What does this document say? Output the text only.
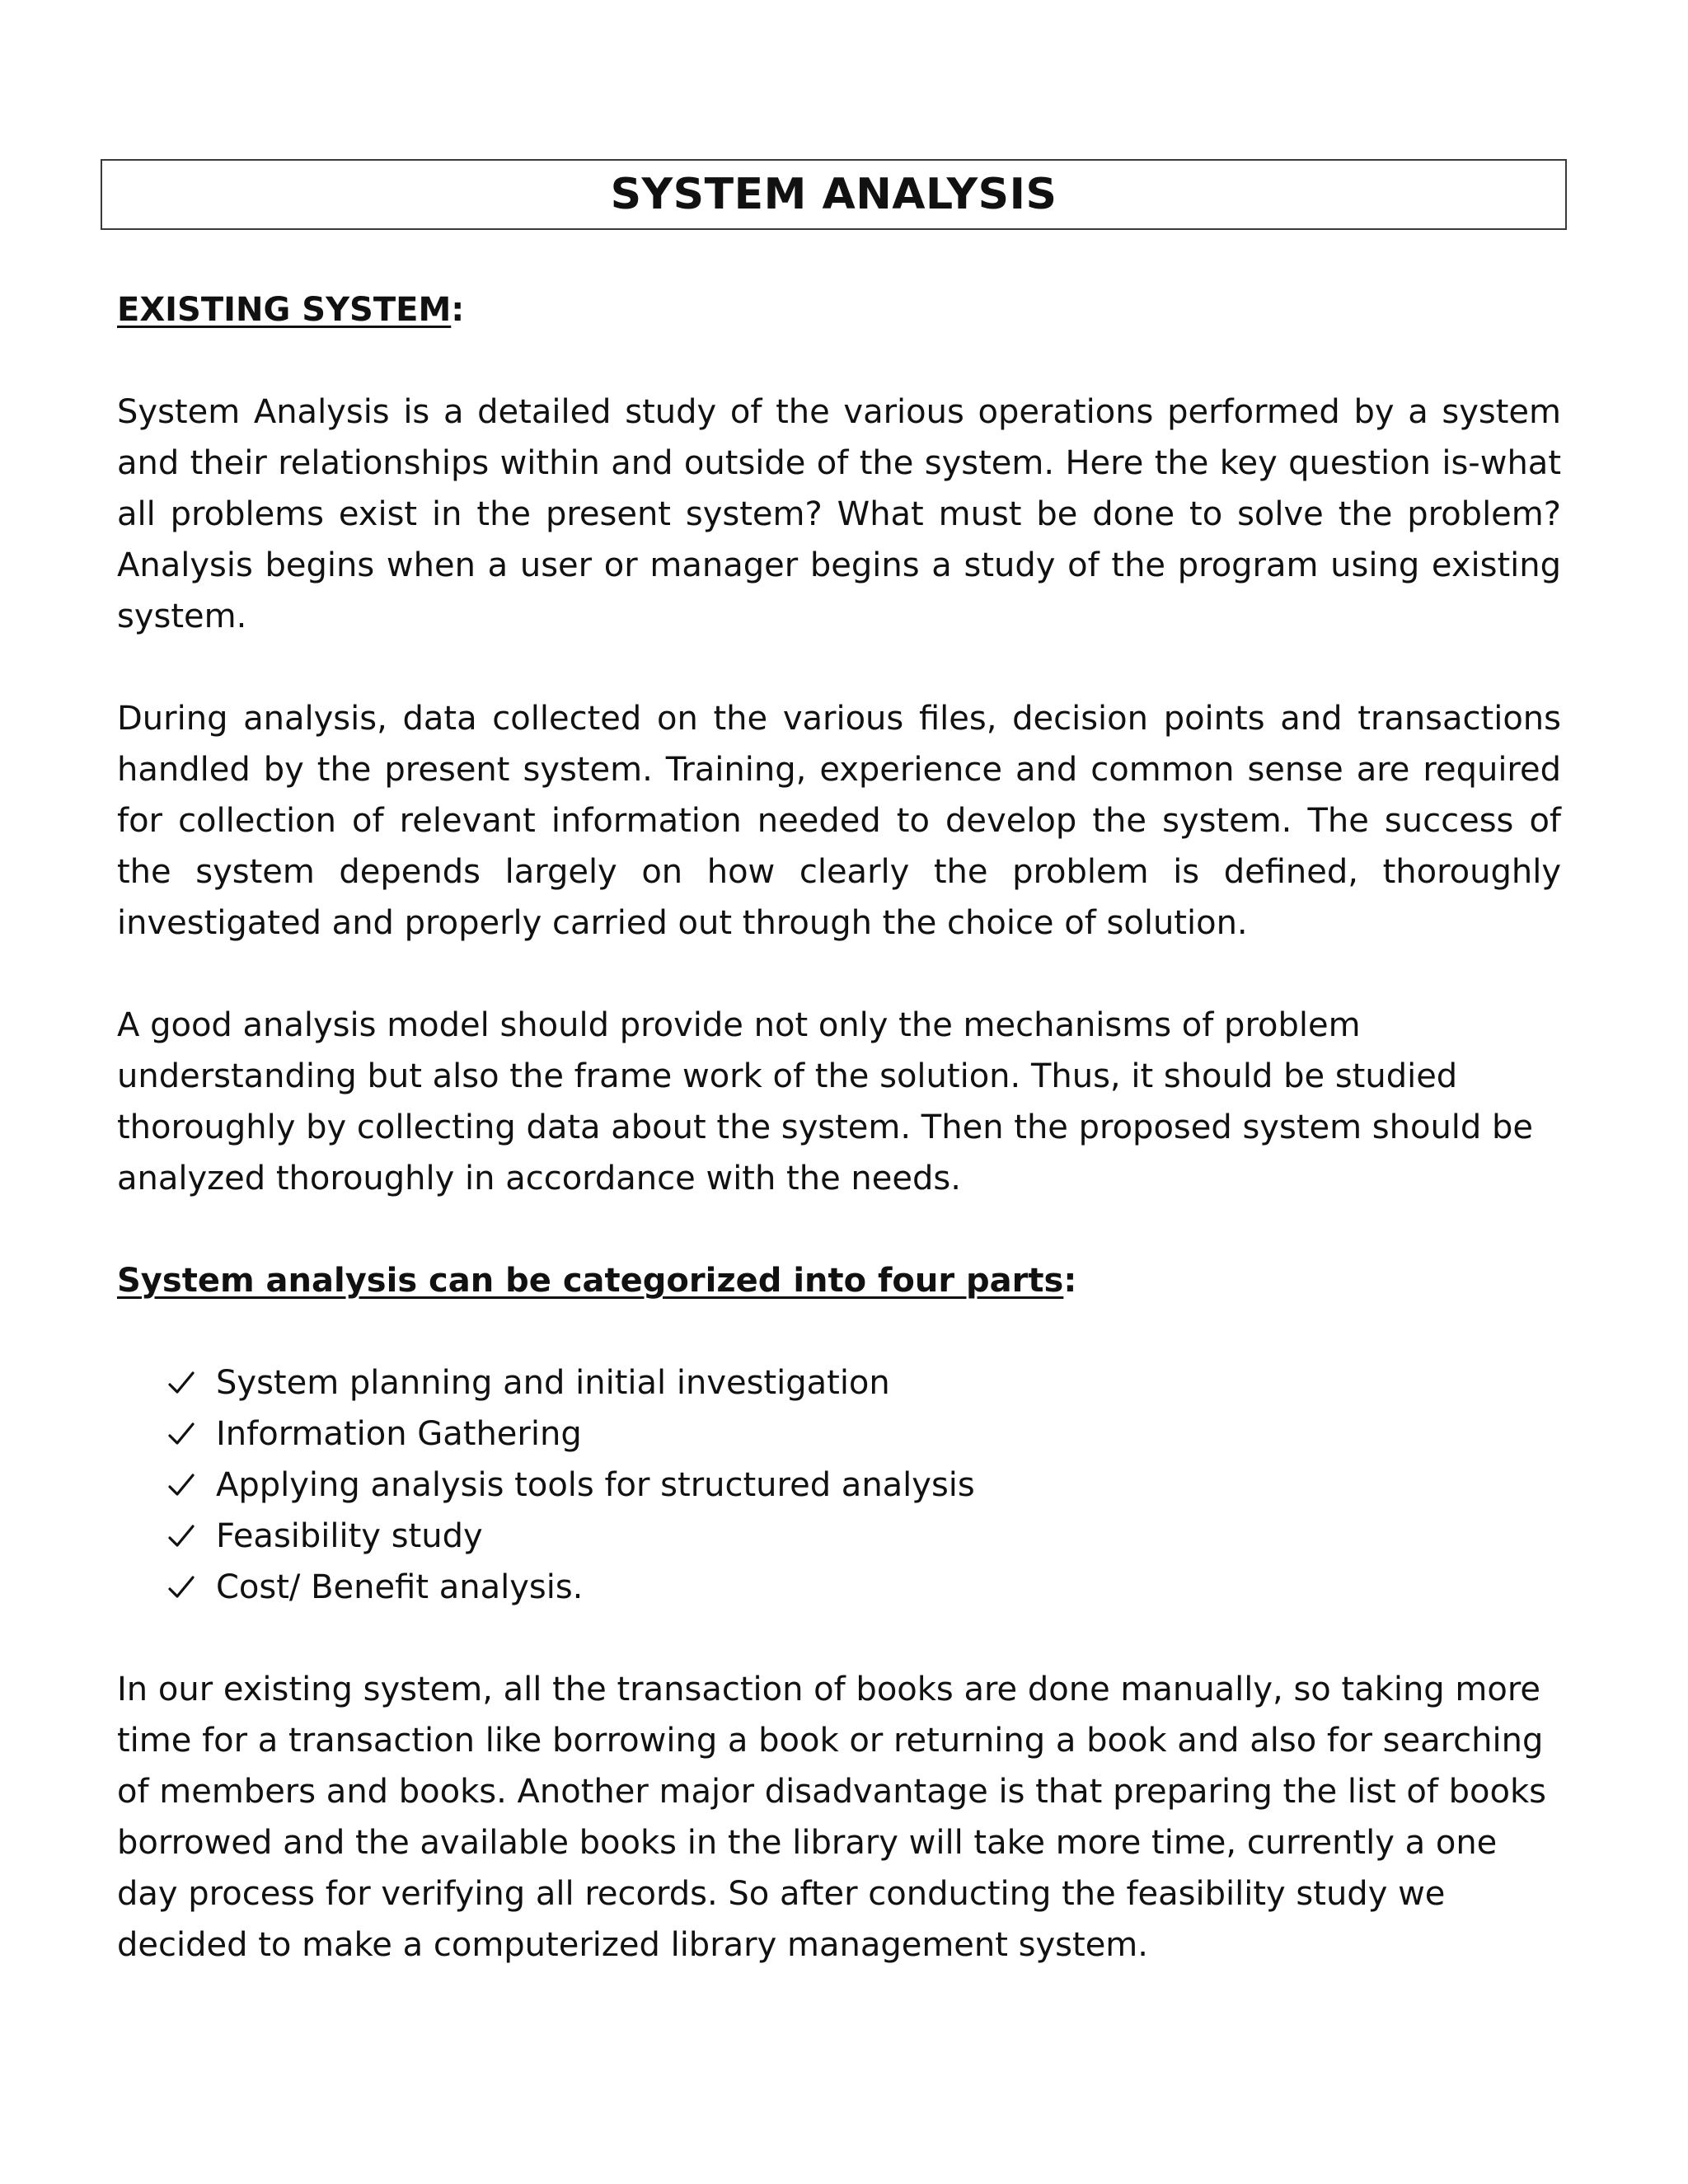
SYSTEM ANALYSIS

EXISTING SYSTEM:

System Analysis is a detailed study of the various operations performed by a system and their relationships within and outside of the system. Here the key question is-what all problems exist in the present system? What must be done to solve the problem? Analysis begins when a user or manager begins a study of the program using existing system.

During analysis, data collected on the various files, decision points and transactions handled by the present system. Training, experience and common sense are required for collection of relevant information needed to develop the system. The success of the system depends largely on how clearly the problem is defined, thoroughly investigated and properly carried out through the choice of solution.

A good analysis model should provide not only the mechanisms of problem understanding but also the frame work of the solution. Thus, it should be studied thoroughly by collecting data about the system. Then the proposed system should be analyzed thoroughly in accordance with the needs.

System analysis can be categorized into four parts:

System planning and initial investigation
Information Gathering
Applying analysis tools for structured analysis
Feasibility study
Cost/ Benefit analysis.

In our existing system, all the transaction of books are done manually, so taking more time for a transaction like borrowing a book or returning a book and also for searching of members and books. Another major disadvantage is that preparing the list of books borrowed and the available books in the library will take more time, currently a one day process for verifying all records. So after conducting the feasibility study we decided to make a computerized library management system.
